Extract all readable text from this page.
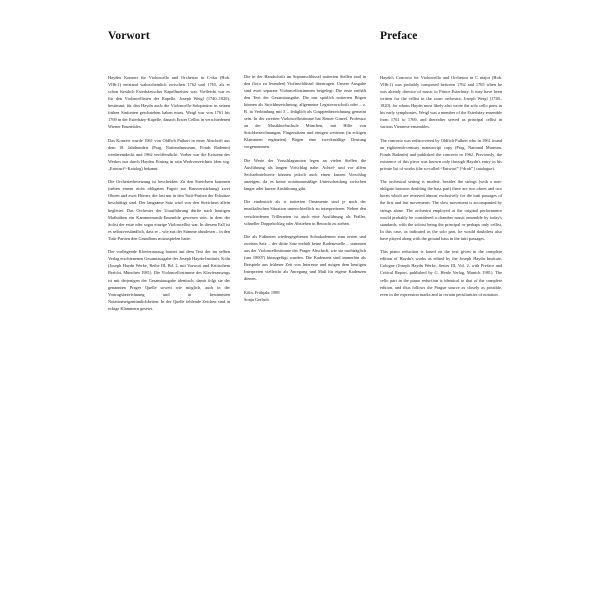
Vorwort

Haydns Konzert für Violoncello und Orchester in C-dur (Hob. VIIb:1) entstand wahrscheinlich zwischen 1762 und 1765, als er schon fürstlich Esterházyscher Kapellmeister war. Vielleicht war es für den Violoncellisten der Kapelle, Joseph Weigl (1740–1820), bestimmt, für den Haydn auch die Violoncello-Soloparticn in seinen frühen Sinfonien geschrieben haben muss. Weigl war von 1761 bis 1769 in der Esterházy-Kapelle, danach Erster Cellist in verschiedenen Wiener Ensembles.

Das Konzert wurde 1961 von Oldřich Pulkert in einer Abschrift aus dem 18. Jahrhundert (Prag, Nationalmuseum, Fonds Radenín) wiederentdeckt und 1962 veröffentlicht. Vorher war die Existenz des Werkes nur durch Haydns Eintrag in sein Werkverzeichnis (den sog. „Entwurf“-Katalog) bekannt.

Die Orchesterbesetzung ist bescheiden: Zu den Streichern kommen (neben einem nicht obligaten Fagott zur Bassverstärkung) zwei Oboen und zwei Hörner, die fast nur in den Tutti-Partien der Ecksätze beschäftigt sind. Der langsame Satz wird von den Streichern allein begleitet. Das Orchester der Uraufführung dürfte nach heutigen Maßstäben ein Kammermusik-Ensemble gewesen sein, in dem der Solist der erste oder sogar einzige Violoncellist war. In diesem Fall ist es selbstverständlich, dass er – wie aus der Stimme abzulesen – in den Tutti-Partien den Grundbass mitzuspielen hatte.

Der vorliegende Klavierauszug basiert auf dem Text der im selben Verlag erschienenen Gesamtausgabe der Joseph Haydn-Instituts, Köln (Joseph Haydn Werke, Reihe III, Bd. 2, mit Vorwort und Kritischem Bericht, München 1981). Die Violoncellostimme des Klavierauszugs ist mit derjenigen der Gesamtausgabe identisch; damit folgt sie der genannten Prager Quelle soweit wie möglich, auch in der Vortragsbezeichnung und in bestimmten Notationseigentümlichkeiten. In der Quelle fehlende Zeichen sind in eckige Klammern gesetzt.

Die in der Handschrift im Sopranschlüssel notierten Stellen sind in den (loco zu lesenden) Violinschlüssel übertragen. Unsere Ausgabe sind zwei separate Violoncellostimmen beigelegt: Die erste enthält den Text der Gesamtausgabe. Die nur spärlich notierten Bögen können als Strichbezeichnung, allgemeine Legatovorschrift oder – z. B. in Verbindung mit 3 – lediglich als Gruppenbezeichnung gemeint sein. In der zweiten Violoncellostimme hat Reiner Ginzel, Professor an der Musikhochschule München, mit Hilfe von Strichbezeichnungen, Fingersätzen und einigen weiteren (in eckigen Klammern ergänzten) Bögen eine zweckmäßige Deutung vorgenommen.

Die Werte der Vorschlagsnoten legen an vielen Stellen die Ausführung als langen Vorschlag nahe. Achtel- und vor allem Sechzehntelwerte können jedoch auch einen kurzen Vorschlag anzeigen, da es keine notationsmäßige Unterscheidung zwischen langer oder kurzer Ausführung gibt.

Die eindeutich als tr notierten Ornamente sind je nach der musikalischen Situation unterschiedlich zu interpretieren. Neben den verschiedenen Trillerarten ist auch eine Ausführung als Praller, schneller Doppelschlag oder Abziehen in Betracht zu ziehen.

Die als Fußnoten wiedergegebenen Soloakademen zum ersten und zweiten Satz – der dritte Satz enthält keine Kadenzstelle – stammen aus der Violoncellostimme der Prager Abschrift, wie sie nachträglich (um 1800?) hinzugefügt wurden. Die Kadenzen sind immerhin als Beispiele aus früherer Zeit von Interesse und mögen dem heutigen Interpreten vielleicht als Anregung und Maß für eigene Kadenzen dienen.

Köln, Frühjahr 1989
Sonja Gerlach
Preface

Haydn's Concerto for Violoncello and Orchestra in C major (Hob. VIIb:1) was probably composed between 1762 and 1765 when he was already director of music to Prince Esterházy. It may have been written for the cellist in the court orchestra, Joseph Weigl (1740–1820), for whom Haydn most likely also wrote the solo cello parts in his early symphonies. Weigl was a member of the Esterházy ensemble from 1761 to 1769, and thereafter served as principal cellist in various Viennese ensembles.

The concerto was rediscovered by Oldřich Pulkert who in 1961 found an eighteenth-century manuscript copy (Prag, National Museum, Fonds Radenín) and published the concerto in 1962. Previously, the existence of this piece was known only through Haydn's entry in his private list of works (the so-called “Entwurf” [“draft”] catalogue).

The orchestral setting is modest: besides the strings (with a non-obligato bassoon doubling the bass part) there are two oboes and two horns which are reserved almost exclusively for the tutti passages of the first and last movements. The slow movement is accompanied by strings alone. The orchestra employed at the original performance would probably be considered a chamber music ensemble by today's standards, with the soloist being the principal or perhaps only cellist. In this case, as indicated in the solo part, he would doubtless also have played along with the ground bass in the tutti passages.

This piano reduction is based on the text given in the complete edition of Haydn's works as edited by the Joseph Haydn Institute, Cologne (Joseph Haydn Werke, Series III, Vol. 2, with Preface and Critical Report, published by G. Henle Verlag, Munich 1981). The cello part in the piano reduction is identical to that of the complete edition, and thus follows the Prague source as closely as possible, even in the expression marks and in certain peculiarities of notation.
